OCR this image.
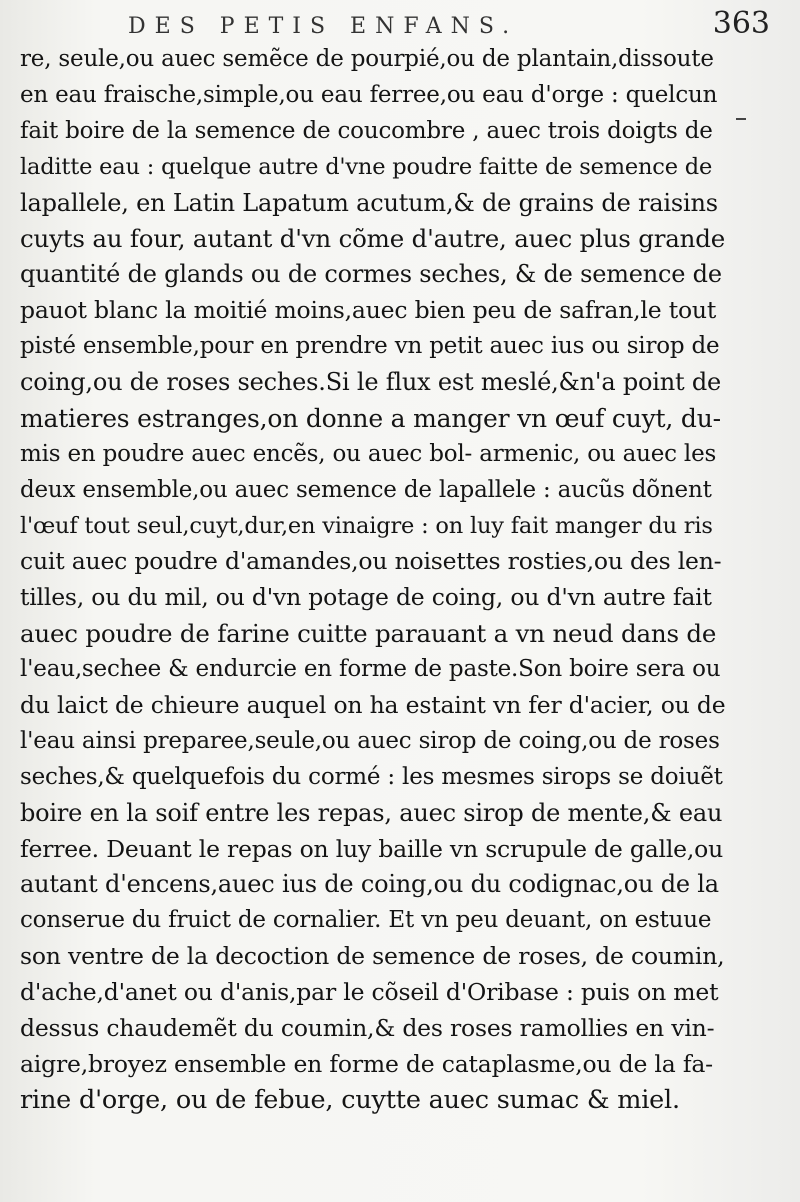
DES PETIS ENFANS.	363
re, seule,ou auec semẽce de pourpié,ou de plantain,dissoute
en eau fraische,simple,ou eau ferree,ou eau d'orge : quelcun
fait boire de la semence de coucombre , auec trois doigts de
laditte eau : quelque autre d'vne poudre faitte de semence de
lapallele, en Latin Lapatum acutum,& de grains de raisins
cuyts au four, autant d'vn cõme d'autre, auec plus grande
quantité de glands ou de cormes seches, & de semence de
pauot blanc la moitié moins,auec bien peu de safran,le tout
pisté ensemble,pour en prendre vn petit auec ius ou sirop de
coing,ou de roses seches.Si le flux est meslé,&n'a point de
matieres estranges,on donne a manger vn œuf cuyt, du-
mis en poudre auec encẽs, ou auec bol- armenic, ou auec les
deux ensemble,ou auec semence de lapallele : aucũs dõnent
l'œuf tout seul,cuyt,dur,en vinaigre : on luy fait manger du ris
cuit auec poudre d'amandes,ou noisettes rosties,ou des len-
tilles, ou du mil, ou d'vn potage de coing, ou d'vn autre fait
auec poudre de farine cuitte parauant a vn neud dans de
l'eau,sechee & endurcie en forme de paste.Son boire sera ou
du laict de chieure auquel on ha estaint vn fer d'acier, ou de
l'eau ainsi preparee,seule,ou auec sirop de coing,ou de roses
seches,& quelquefois du cormé : les mesmes sirops se doiuẽt
boire en la soif entre les repas, auec sirop de mente,& eau
ferree. Deuant le repas on luy baille vn scrupule de galle,ou
autant d'encens,auec ius de coing,ou du codignac,ou de la
conserue du fruict de cornalier. Et vn peu deuant, on estuue
son ventre de la decoction de semence de roses, de coumin,
d'ache,d'anet ou d'anis,par le cõseil d'Oribase : puis on met
dessus chaudemẽt du coumin,& des roses ramollies en vin-
aigre,broyez ensemble en forme de cataplasme,ou de la fa-
rine d'orge, ou de febue, cuytte auec sumac & miel.
